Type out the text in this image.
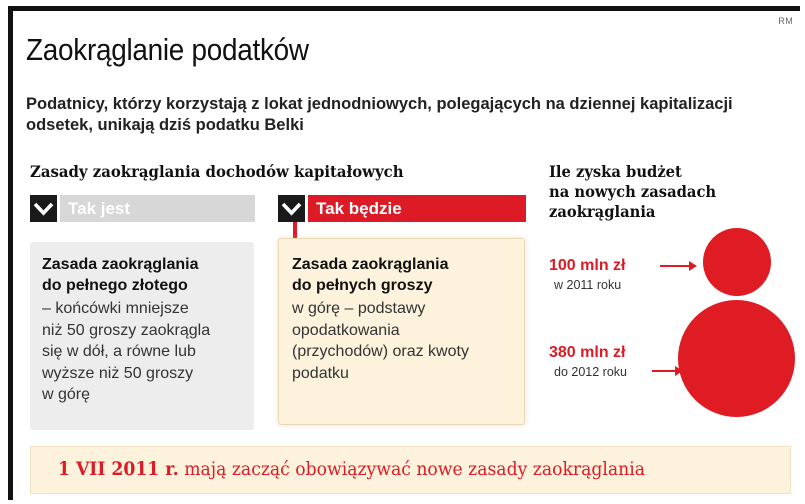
RM
Zaokrąglanie podatków

Podatnicy, którzy korzystają z lokat jednodniowych, polegających na dziennej kapitalizacji odsetek, unikają dziś podatku Belki

Zasady zaokrąglania dochodów kapitałowych
Tak jest
Zasada zaokrąglania
do pełnego złotego
– końcówki mniejsze
niż 50 groszy zaokrągla
się w dół, a równe lub
wyższe niż 50 groszy
w górę
Tak będzie
Zasada zaokrąglania
do pełnych groszy
w górę – podstawy
opodatkowania
(przychodów) oraz kwoty
podatku
Ile zyska budżet
na nowych zasadach
zaokrąglania
100 mln zł
w 2011 roku
380 mln zł
do 2012 roku
1 VII 2011 r. mają zacząć obowiązywać nowe zasady zaokrąglania
